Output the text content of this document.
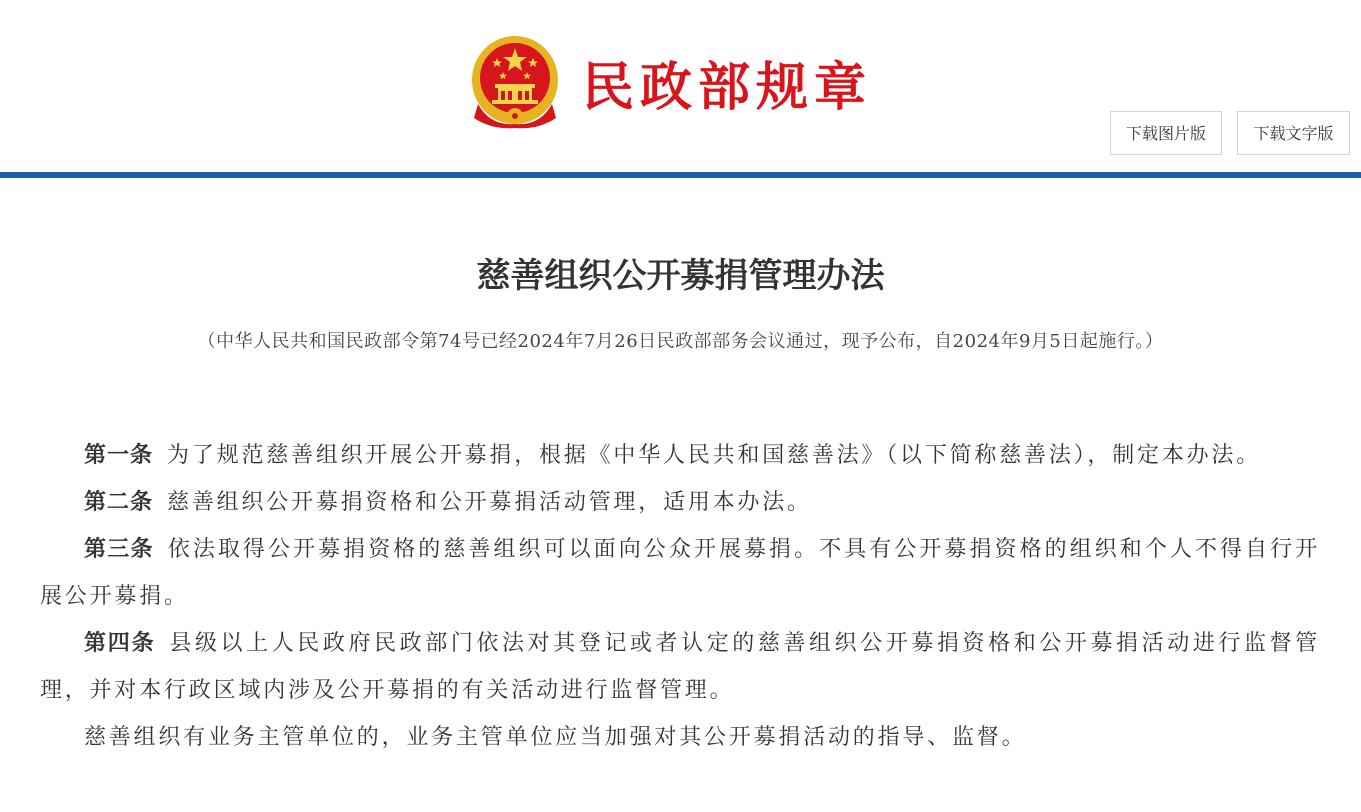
民政部规章
下载图片版	下载文字版
慈善组织公开募捐管理办法
（中华人民共和国民政部令第74号已经2024年7月26日民政部部务会议通过，现予公布，自2024年9月5日起施行。）

第一条 为了规范慈善组织开展公开募捐，根据《中华人民共和国慈善法》（以下简称慈善法），制定本办法。

第二条 慈善组织公开募捐资格和公开募捐活动管理，适用本办法。

第三条 依法取得公开募捐资格的慈善组织可以面向公众开展募捐。不具有公开募捐资格的组织和个人不得自行开展公开募捐。

第四条 县级以上人民政府民政部门依法对其登记或者认定的慈善组织公开募捐资格和公开募捐活动进行监督管理，并对本行政区域内涉及公开募捐的有关活动进行监督管理。

慈善组织有业务主管单位的，业务主管单位应当加强对其公开募捐活动的指导、监督。
